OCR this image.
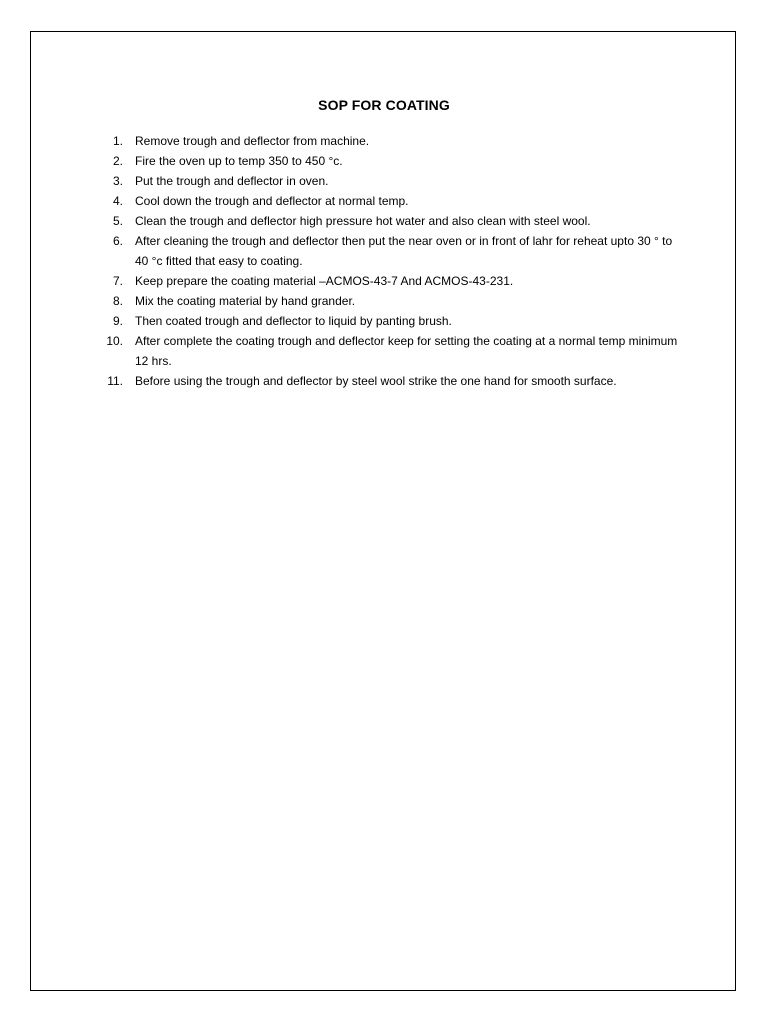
SOP FOR COATING
1. Remove trough and deflector from machine.
2. Fire the oven up to temp 350 to 450 °c.
3. Put the trough and deflector in oven.
4. Cool down the trough and deflector at normal temp.
5. Clean the trough and deflector high pressure hot water and also clean with steel wool.
6. After cleaning the trough and deflector then put the near oven or in front of lahr for reheat upto 30 ° to 40 °c fitted that easy to coating.
7. Keep prepare the coating material –ACMOS-43-7 And ACMOS-43-231.
8. Mix the coating material by hand grander.
9. Then coated trough and deflector to liquid by panting brush.
10. After complete the coating trough and deflector keep for setting the coating at a normal temp minimum 12 hrs.
11. Before using the trough and deflector by steel wool strike the one hand for smooth surface.
